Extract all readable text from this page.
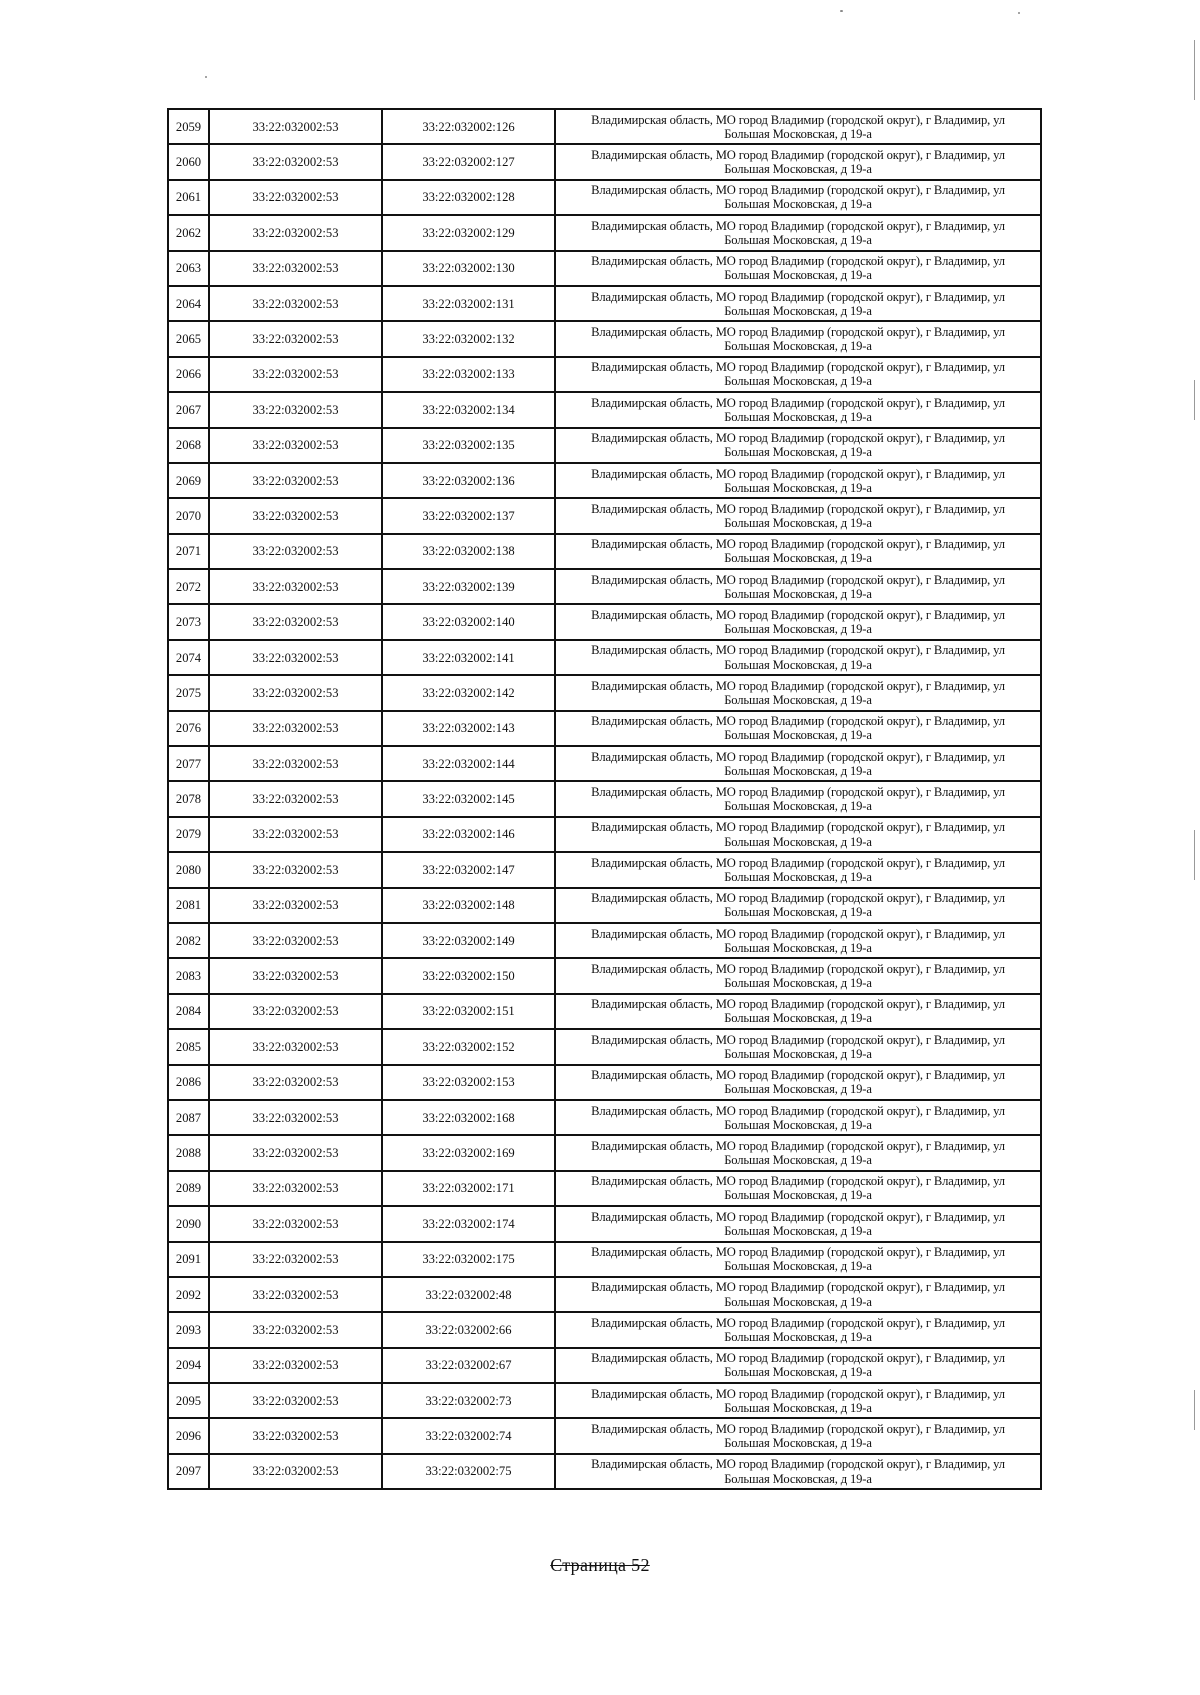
2059	33:22:032002:53	33:22:032002:126	Владимирская область, МО город Владимир (городской округ), г Владимир, ул
Большая Московская, д 19-а

2060	33:22:032002:53	33:22:032002:127	Владимирская область, МО город Владимир (городской округ), г Владимир, ул
Большая Московская, д 19-а

2061	33:22:032002:53	33:22:032002:128	Владимирская область, МО город Владимир (городской округ), г Владимир, ул
Большая Московская, д 19-а

2062	33:22:032002:53	33:22:032002:129	Владимирская область, МО город Владимир (городской округ), г Владимир, ул
Большая Московская, д 19-а

2063	33:22:032002:53	33:22:032002:130	Владимирская область, МО город Владимир (городской округ), г Владимир, ул
Большая Московская, д 19-а

2064	33:22:032002:53	33:22:032002:131	Владимирская область, МО город Владимир (городской округ), г Владимир, ул
Большая Московская, д 19-а

2065	33:22:032002:53	33:22:032002:132	Владимирская область, МО город Владимир (городской округ), г Владимир, ул
Большая Московская, д 19-а

2066	33:22:032002:53	33:22:032002:133	Владимирская область, МО город Владимир (городской округ), г Владимир, ул
Большая Московская, д 19-а

2067	33:22:032002:53	33:22:032002:134	Владимирская область, МО город Владимир (городской округ), г Владимир, ул
Большая Московская, д 19-а

2068	33:22:032002:53	33:22:032002:135	Владимирская область, МО город Владимир (городской округ), г Владимир, ул
Большая Московская, д 19-а

2069	33:22:032002:53	33:22:032002:136	Владимирская область, МО город Владимир (городской округ), г Владимир, ул
Большая Московская, д 19-а

2070	33:22:032002:53	33:22:032002:137	Владимирская область, МО город Владимир (городской округ), г Владимир, ул
Большая Московская, д 19-а

2071	33:22:032002:53	33:22:032002:138	Владимирская область, МО город Владимир (городской округ), г Владимир, ул
Большая Московская, д 19-а

2072	33:22:032002:53	33:22:032002:139	Владимирская область, МО город Владимир (городской округ), г Владимир, ул
Большая Московская, д 19-а

2073	33:22:032002:53	33:22:032002:140	Владимирская область, МО город Владимир (городской округ), г Владимир, ул
Большая Московская, д 19-а

2074	33:22:032002:53	33:22:032002:141	Владимирская область, МО город Владимир (городской округ), г Владимир, ул
Большая Московская, д 19-а

2075	33:22:032002:53	33:22:032002:142	Владимирская область, МО город Владимир (городской округ), г Владимир, ул
Большая Московская, д 19-а

2076	33:22:032002:53	33:22:032002:143	Владимирская область, МО город Владимир (городской округ), г Владимир, ул
Большая Московская, д 19-а

2077	33:22:032002:53	33:22:032002:144	Владимирская область, МО город Владимир (городской округ), г Владимир, ул
Большая Московская, д 19-а

2078	33:22:032002:53	33:22:032002:145	Владимирская область, МО город Владимир (городской округ), г Владимир, ул
Большая Московская, д 19-а

2079	33:22:032002:53	33:22:032002:146	Владимирская область, МО город Владимир (городской округ), г Владимир, ул
Большая Московская, д 19-а

2080	33:22:032002:53	33:22:032002:147	Владимирская область, МО город Владимир (городской округ), г Владимир, ул
Большая Московская, д 19-а

2081	33:22:032002:53	33:22:032002:148	Владимирская область, МО город Владимир (городской округ), г Владимир, ул
Большая Московская, д 19-а

2082	33:22:032002:53	33:22:032002:149	Владимирская область, МО город Владимир (городской округ), г Владимир, ул
Большая Московская, д 19-а

2083	33:22:032002:53	33:22:032002:150	Владимирская область, МО город Владимир (городской округ), г Владимир, ул
Большая Московская, д 19-а

2084	33:22:032002:53	33:22:032002:151	Владимирская область, МО город Владимир (городской округ), г Владимир, ул
Большая Московская, д 19-а

2085	33:22:032002:53	33:22:032002:152	Владимирская область, МО город Владимир (городской округ), г Владимир, ул
Большая Московская, д 19-а

2086	33:22:032002:53	33:22:032002:153	Владимирская область, МО город Владимир (городской округ), г Владимир, ул
Большая Московская, д 19-а

2087	33:22:032002:53	33:22:032002:168	Владимирская область, МО город Владимир (городской округ), г Владимир, ул
Большая Московская, д 19-а

2088	33:22:032002:53	33:22:032002:169	Владимирская область, МО город Владимир (городской округ), г Владимир, ул
Большая Московская, д 19-а

2089	33:22:032002:53	33:22:032002:171	Владимирская область, МО город Владимир (городской округ), г Владимир, ул
Большая Московская, д 19-а

2090	33:22:032002:53	33:22:032002:174	Владимирская область, МО город Владимир (городской округ), г Владимир, ул
Большая Московская, д 19-а

2091	33:22:032002:53	33:22:032002:175	Владимирская область, МО город Владимир (городской округ), г Владимир, ул
Большая Московская, д 19-а

2092	33:22:032002:53	33:22:032002:48	Владимирская область, МО город Владимир (городской округ), г Владимир, ул
Большая Московская, д 19-а

2093	33:22:032002:53	33:22:032002:66	Владимирская область, МО город Владимир (городской округ), г Владимир, ул
Большая Московская, д 19-а

2094	33:22:032002:53	33:22:032002:67	Владимирская область, МО город Владимир (городской округ), г Владимир, ул
Большая Московская, д 19-а

2095	33:22:032002:53	33:22:032002:73	Владимирская область, МО город Владимир (городской округ), г Владимир, ул
Большая Московская, д 19-а

2096	33:22:032002:53	33:22:032002:74	Владимирская область, МО город Владимир (городской округ), г Владимир, ул
Большая Московская, д 19-а

2097	33:22:032002:53	33:22:032002:75	Владимирская область, МО город Владимир (городской округ), г Владимир, ул
Большая Московская, д 19-а
Страница 52
